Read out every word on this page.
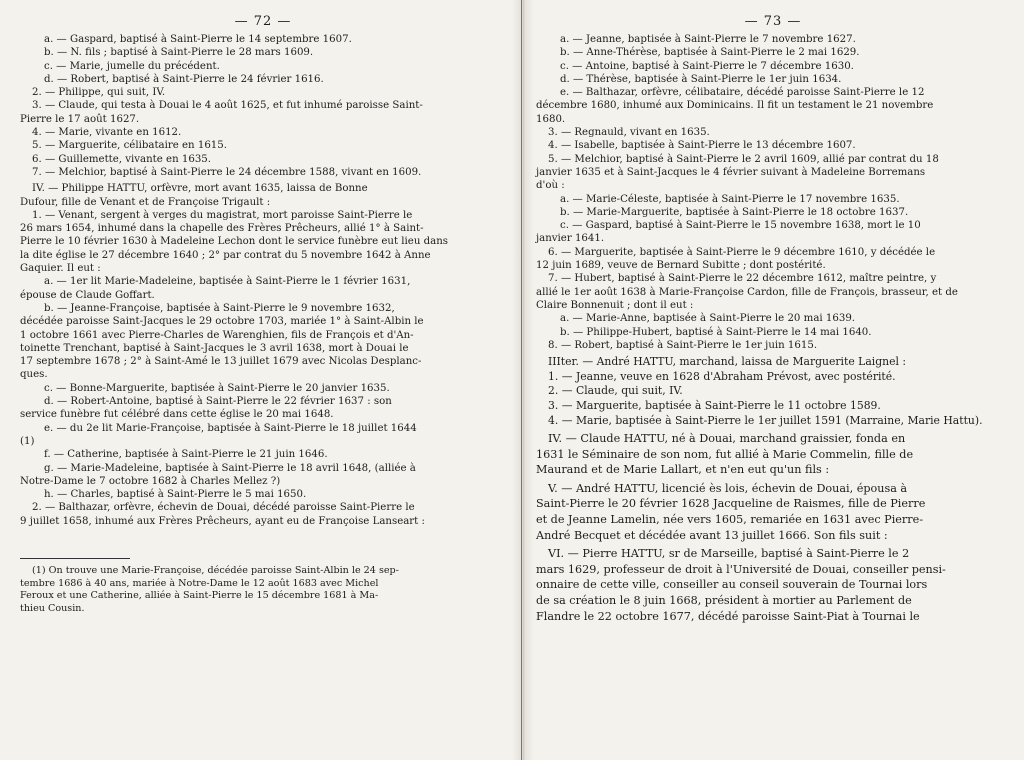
— 72 —
a. — Gaspard, baptisé à Saint-Pierre le 14 septembre 1607.
b. — N. fils ; baptisé à Saint-Pierre le 28 mars 1609.
c. — Marie, jumelle du précédent.
d. — Robert, baptisé à Saint-Pierre le 24 février 1616.
2. — Philippe, qui suit, IV.
3. — Claude, qui testa à Douai le 4 août 1625, et fut inhumé paroisse Saint-
Pierre le 17 août 1627.
4. — Marie, vivante en 1612.
5. — Marguerite, célibataire en 1615.
6. — Guillemette, vivante en 1635.
7. — Melchior, baptisé à Saint-Pierre le 24 décembre 1588, vivant en 1609.
IV. — Philippe HATTU, orfèvre, mort avant 1635, laissa de Bonne
Dufour, fille de Venant et de Françoise Trigault :
1. — Venant, sergent à verges du magistrat, mort paroisse Saint-Pierre le
26 mars 1654, inhumé dans la chapelle des Frères Prêcheurs, allié 1° à Saint-
Pierre le 10 février 1630 à Madeleine Lechon dont le service funèbre eut lieu dans
la dite église le 27 décembre 1640 ; 2° par contrat du 5 novembre 1642 à Anne
Gaquier. Il eut :
a. — 1er lit Marie-Madeleine, baptisée à Saint-Pierre le 1 février 1631,
épouse de Claude Goffart.
b. — Jeanne-Françoise, baptisée à Saint-Pierre le 9 novembre 1632,
décédée paroisse Saint-Jacques le 29 octobre 1703, mariée 1° à Saint-Albin le
1 octobre 1661 avec Pierre-Charles de Warenghien, fils de François et d'An-
toinette Trenchant, baptisé à Saint-Jacques le 3 avril 1638, mort à Douai le
17 septembre 1678 ; 2° à Saint-Amé le 13 juillet 1679 avec Nicolas Desplanc-
ques.
c. — Bonne-Marguerite, baptisée à Saint-Pierre le 20 janvier 1635.
d. — Robert-Antoine, baptisé à Saint-Pierre le 22 février 1637 : son
service funèbre fut célébré dans cette église le 20 mai 1648.
e. — du 2e lit Marie-Françoise, baptisée à Saint-Pierre le 18 juillet 1644
(1)
f. — Catherine, baptisée à Saint-Pierre le 21 juin 1646.
g. — Marie-Madeleine, baptisée à Saint-Pierre le 18 avril 1648, (alliée à
Notre-Dame le 7 octobre 1682 à Charles Mellez ?)
h. — Charles, baptisé à Saint-Pierre le 5 mai 1650.
2. — Balthazar, orfèvre, échevin de Douai, décédé paroisse Saint-Pierre le
9 juillet 1658, inhumé aux Frères Prêcheurs, ayant eu de Françoise Lanseart :
(1) On trouve une Marie-Françoise, décédée paroisse Saint-Albin le 24 sep-
tembre 1686 à 40 ans, mariée à Notre-Dame le 12 août 1683 avec Michel
Feroux et une Catherine, alliée à Saint-Pierre le 15 décembre 1681 à Ma-
thieu Cousin.
— 73 —
a. — Jeanne, baptisée à Saint-Pierre le 7 novembre 1627.
b. — Anne-Thérèse, baptisée à Saint-Pierre le 2 mai 1629.
c. — Antoine, baptisé à Saint-Pierre le 7 décembre 1630.
d. — Thérèse, baptisée à Saint-Pierre le 1er juin 1634.
e. — Balthazar, orfèvre, célibataire, décédé paroisse Saint-Pierre le 12
décembre 1680, inhumé aux Dominicains. Il fit un testament le 21 novembre
1680.
3. — Regnauld, vivant en 1635.
4. — Isabelle, baptisée à Saint-Pierre le 13 décembre 1607.
5. — Melchior, baptisé à Saint-Pierre le 2 avril 1609, allié par contrat du 18
janvier 1635 et à Saint-Jacques le 4 février suivant à Madeleine Borremans
d'où :
a. — Marie-Céleste, baptisée à Saint-Pierre le 17 novembre 1635.
b. — Marie-Marguerite, baptisée à Saint-Pierre le 18 octobre 1637.
c. — Gaspard, baptisé à Saint-Pierre le 15 novembre 1638, mort le 10
janvier 1641.
6. — Marguerite, baptisée à Saint-Pierre le 9 décembre 1610, y décédée le
12 juin 1689, veuve de Bernard Subitte ; dont postérité.
7. — Hubert, baptisé à Saint-Pierre le 22 décembre 1612, maître peintre, y
allié le 1er août 1638 à Marie-Françoise Cardon, fille de François, brasseur, et de
Claire Bonnenuit ; dont il eut :
a. — Marie-Anne, baptisée à Saint-Pierre le 20 mai 1639.
b. — Philippe-Hubert, baptisé à Saint-Pierre le 14 mai 1640.
8. — Robert, baptisé à Saint-Pierre le 1er juin 1615.
IIIter. — André HATTU, marchand, laissa de Marguerite Laignel :
1. — Jeanne, veuve en 1628 d'Abraham Prévost, avec postérité.
2. — Claude, qui suit, IV.
3. — Marguerite, baptisée à Saint-Pierre le 11 octobre 1589.
4. — Marie, baptisée à Saint-Pierre le 1er juillet 1591 (Marraine, Marie Hattu).
IV. — Claude HATTU, né à Douai, marchand graissier, fonda en
1631 le Séminaire de son nom, fut allié à Marie Commelin, fille de
Maurand et de Marie Lallart, et n'en eut qu'un fils :
V. — André HATTU, licencié ès lois, échevin de Douai, épousa à
Saint-Pierre le 20 février 1628 Jacqueline de Raismes, fille de Pierre
et de Jeanne Lamelin, née vers 1605, remariée en 1631 avec Pierre-
André Becquet et décédée avant 13 juillet 1666. Son fils suit :
VI. — Pierre HATTU, sr de Marseille, baptisé à Saint-Pierre le 2
mars 1629, professeur de droit à l'Université de Douai, conseiller pensi-
onnaire de cette ville, conseiller au conseil souverain de Tournai lors
de sa création le 8 juin 1668, président à mortier au Parlement de
Flandre le 22 octobre 1677, décédé paroisse Saint-Piat à Tournai le
